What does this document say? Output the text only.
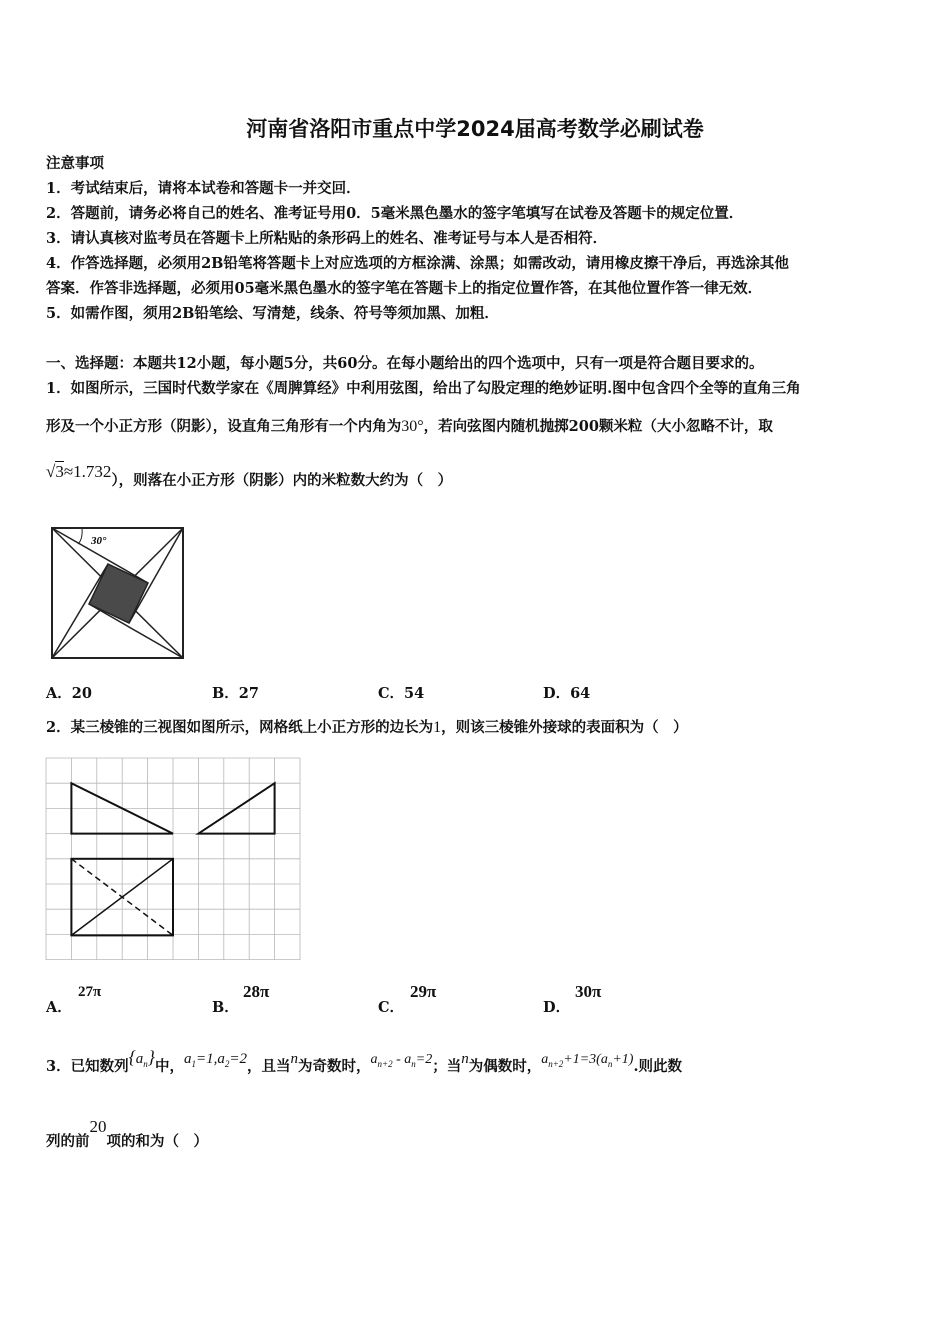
河南省洛阳市重点中学2024届高考数学必刷试卷
注意事项
1．考试结束后，请将本试卷和答题卡一并交回．
2．答题前，请务必将自己的姓名、准考证号用0．5毫米黑色墨水的签字笔填写在试卷及答题卡的规定位置．
3．请认真核对监考员在答题卡上所粘贴的条形码上的姓名、准考证号与本人是否相符．
4．作答选择题，必须用2B铅笔将答题卡上对应选项的方框涂满、涂黑；如需改动，请用橡皮擦干净后，再选涂其他
答案．作答非选择题，必须用05毫米黑色墨水的签字笔在答题卡上的指定位置作答，在其他位置作答一律无效．
5．如需作图，须用2B铅笔绘、写清楚，线条、符号等须加黑、加粗．
一、选择题：本题共12小题，每小题5分，共60分。在每小题给出的四个选项中，只有一项是符合题目要求的。
1．如图所示，三国时代数学家在《周脾算经》中利用弦图，给出了勾股定理的绝妙证明.图中包含四个全等的直角三角
形及一个小正方形（阴影），设直角三角形有一个内角为30°，若向弦图内随机抛掷200颗米粒（大小忽略不计，取
√3≈1.732），则落在小正方形（阴影）内的米粒数大约为（　）
30°
A．20	B．27	C．54	D．64
2．某三棱锥的三视图如图所示，网格纸上小正方形的边长为1，则该三棱锥外接球的表面积为（　）
A．
27π
B．
28π
C．
29π
D．
30π
3．已知数列$\{a_n\}$中，$a_1=1,a_2=2$，且当n为奇数时，$a_{n+2} - a_n=2$；当n为偶数时，$a_{n+2}+1=3(a_n+1)$.则此数
列的前20项的和为（　）
